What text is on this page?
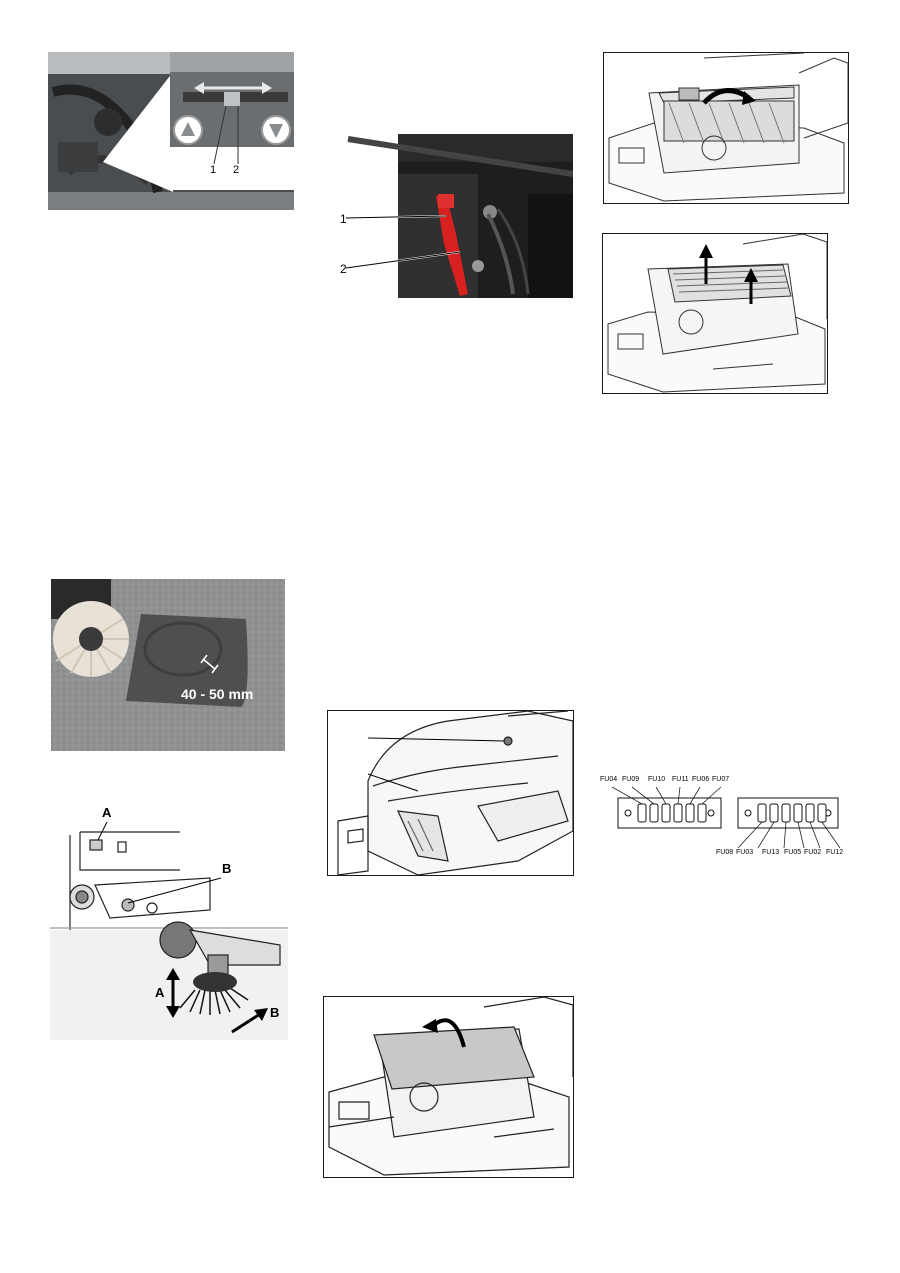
1 2
1
2
40 - 50 mm
A
B
A
B
FU04 FU09 FU10 FU11 FU06 FU07
FU08 FU03 FU13 FU05 FU02 FU12
